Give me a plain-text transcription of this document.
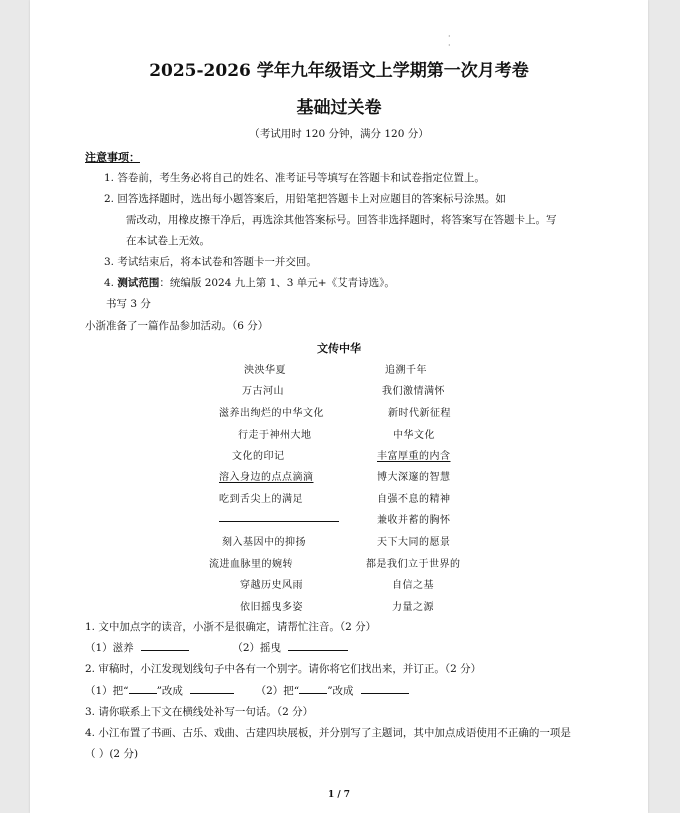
·
·
2025-2026 学年九年级语文上学期第一次月考卷
基础过关卷
（考试用时 120 分钟，满分 120 分）
注意事项：
1. 答卷前，考生务必将自己的姓名、准考证号等填写在答题卡和试卷指定位置上。
2. 回答选择题时，选出每小题答案后，用铅笔把答题卡上对应题目的答案标号涂黑。如
需改动，用橡皮擦干净后，再选涂其他答案标号。回答非选择题时，将答案写在答题卡上。写
在本试卷上无效。
3. 考试结束后，将本试卷和答题卡一并交回。
4. 测试范围：统编版 2024 九上第 1、3 单元+《艾青诗选》。
书写 3 分
小浙准备了一篇作品参加活动。（6 分）
文传中华
泱泱华夏
万古河山
滋养出绚烂的中华文化
行走于神州大地
文化的印记
溶入身边的点点滴滴
吃到舌尖上的满足
刻入基因中的抑扬
流进血脉里的婉转
穿越历史风雨
依旧摇曳多姿
追溯千年
我们激情满怀
新时代新征程
中华文化
丰富厚重的内含
博大深邃的智慧
自强不息的精神
兼收并蓄的胸怀
天下大同的愿景
都是我们立于世界的
自信之基
力量之源
1. 文中加点字的读音，小浙不是很确定，请帮忙注音。（2 分）
（1）滋养	（2）摇曳
2. 审稿时，小江发现划线句子中各有一个别字。请你将它们找出来，并订正。（2 分）
（1）把“	”改成	（2）把“	”改成
3. 请你联系上下文在横线处补写一句话。（2 分）
4. 小江布置了书画、古乐、戏曲、古建四块展板，并分别写了主题词，其中加点成语使用不正确的一项是
（ ）(2 分)
1 / 7
